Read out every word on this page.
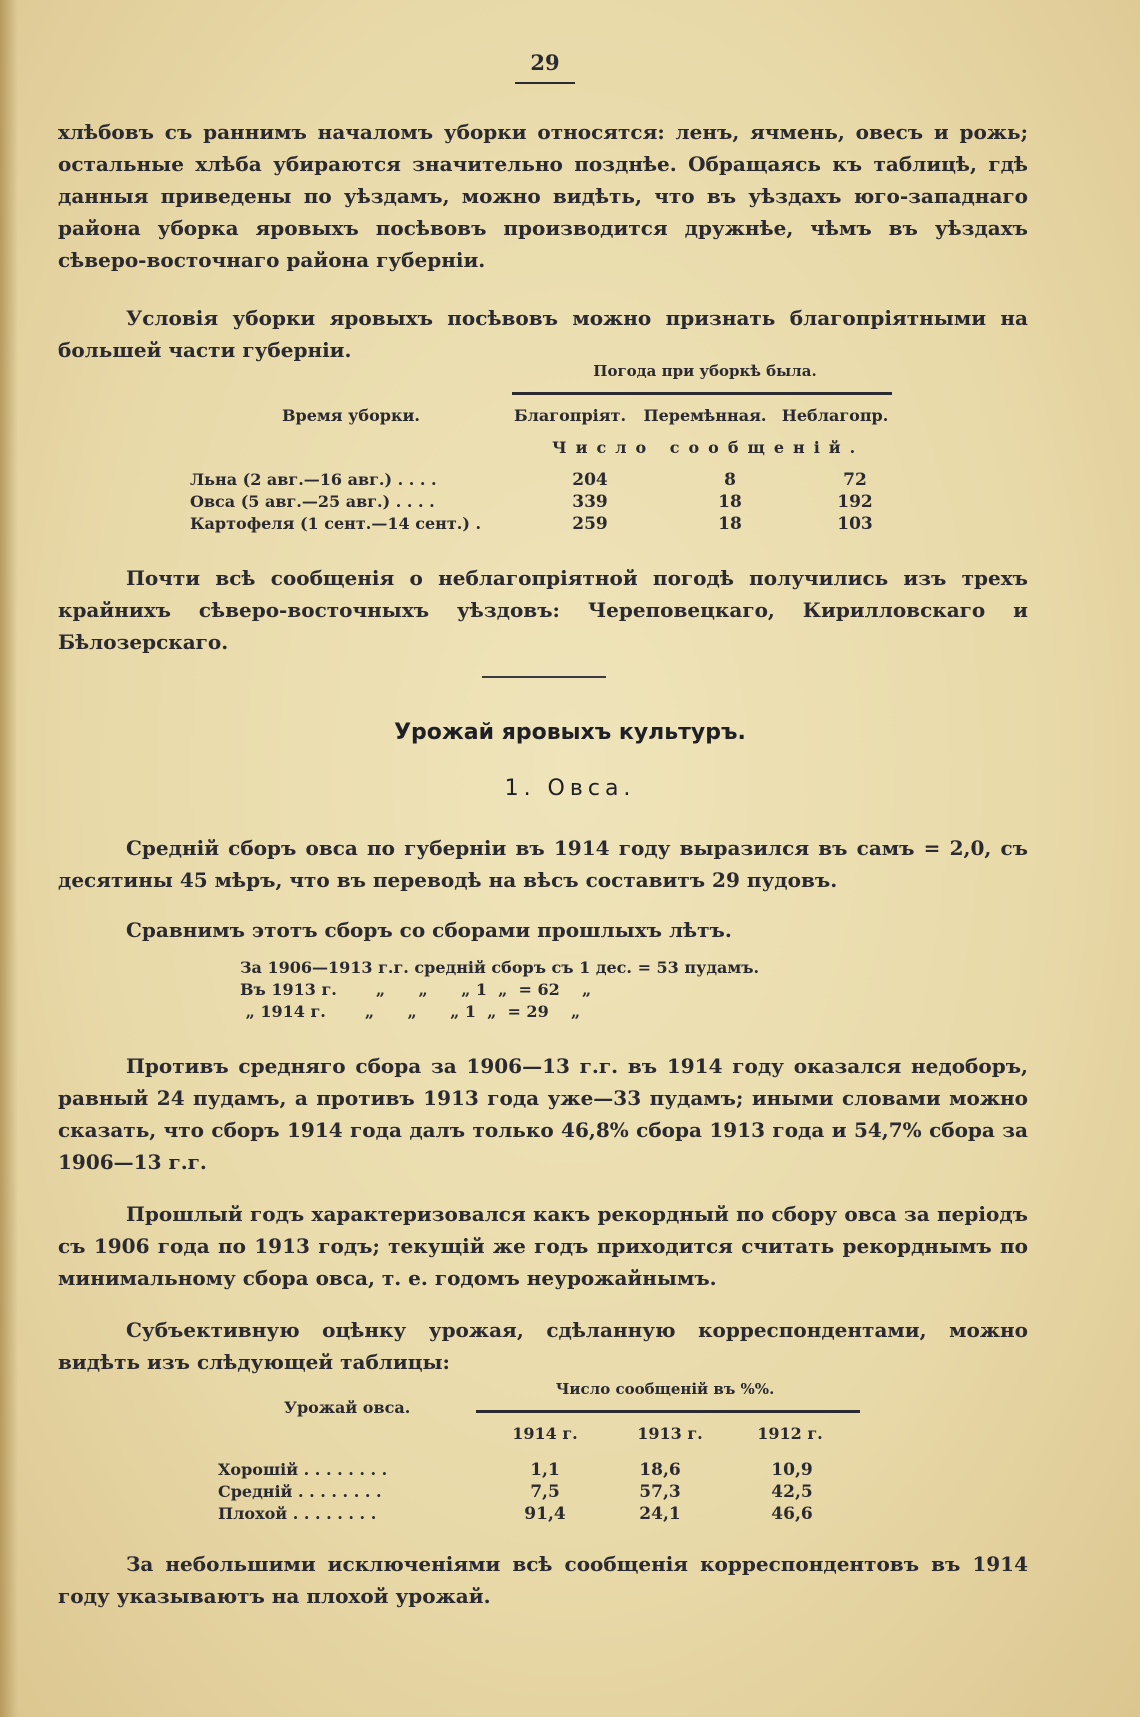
29

хлѣбовъ съ раннимъ началомъ уборки относятся: ленъ, ячмень, овесъ и рожь; остальные хлѣба убираются значительно позднѣе. Обращаясь къ таблицѣ, гдѣ данныя приведены по уѣздамъ, можно видѣть, что въ уѣздахъ юго-западнаго района уборка яровыхъ посѣвовъ производится дружнѣе, чѣмъ въ уѣздахъ сѣверо-восточнаго района губерніи.

Условія уборки яровыхъ посѣвовъ можно признать благопріятными на большей части губерніи.

Погода при уборкѣ была.
Время уборки.	Благопріят.	Перемѣнная. Неблагопр.
Число сообщеній.
Льна (2 авг.—16 авг.) . . . .	204	8	72
Овса (5 авг.—25 авг.) . . . .	339	18	192
Картофеля (1 сент.—14 сент.) .	259	18	103

Почти всѣ сообщенія о неблагопріятной погодѣ получились изъ трехъ крайнихъ сѣверо-восточныхъ уѣздовъ: Череповецкаго, Кирилловскаго и Бѣлозерскаго.

Урожай яровыхъ культуръ.
1. Овса.

Среднiй сборъ овса по губерніи въ 1914 году выразился въ самъ = 2,0, съ десятины 45 мѣръ, что въ переводѣ на вѣсъ составитъ 29 пудовъ.

Сравнимъ этотъ сборъ со сборами прошлыхъ лѣтъ.

За 1906—1913 г.г. средній сборъ съ 1 дес. = 53 пудамъ.
Въ 1913 г.       „      „      „ 1  „  = 62    „
„ 1914 г.       „      „      „ 1  „  = 29    „

Противъ средняго сбора за 1906—13 г.г. въ 1914 году оказался недоборъ, равный 24 пудамъ, а противъ 1913 года уже—33 пудамъ; иными словами можно сказать, что сборъ 1914 года далъ только 46,8% сбора 1913 года и 54,7% сбора за 1906—13 г.г.

Прошлый годъ характеризовался какъ рекордный по сбору овса за періодъ съ 1906 года по 1913 годъ; текущій же годъ приходится считать рекорднымъ по минимальному сбора овса, т. е. годомъ неурожайнымъ.

Субъективную оцѣнку урожая, сдѣланную корреспондентами, можно видѣть изъ слѣдующей таблицы:

Число сообщеній въ %%.
Урожай овса.
1914 г.	1913 г.	1912 г.
Хорошій . . . . . . . .	1,1	18,6	10,9
Средній . . . . . . . .	7,5	57,3	42,5
Плохой . . . . . . . .	91,4	24,1	46,6

За небольшими исключеніями всѣ сообщенія корреспондентовъ въ 1914 году указываютъ на плохой урожай.
